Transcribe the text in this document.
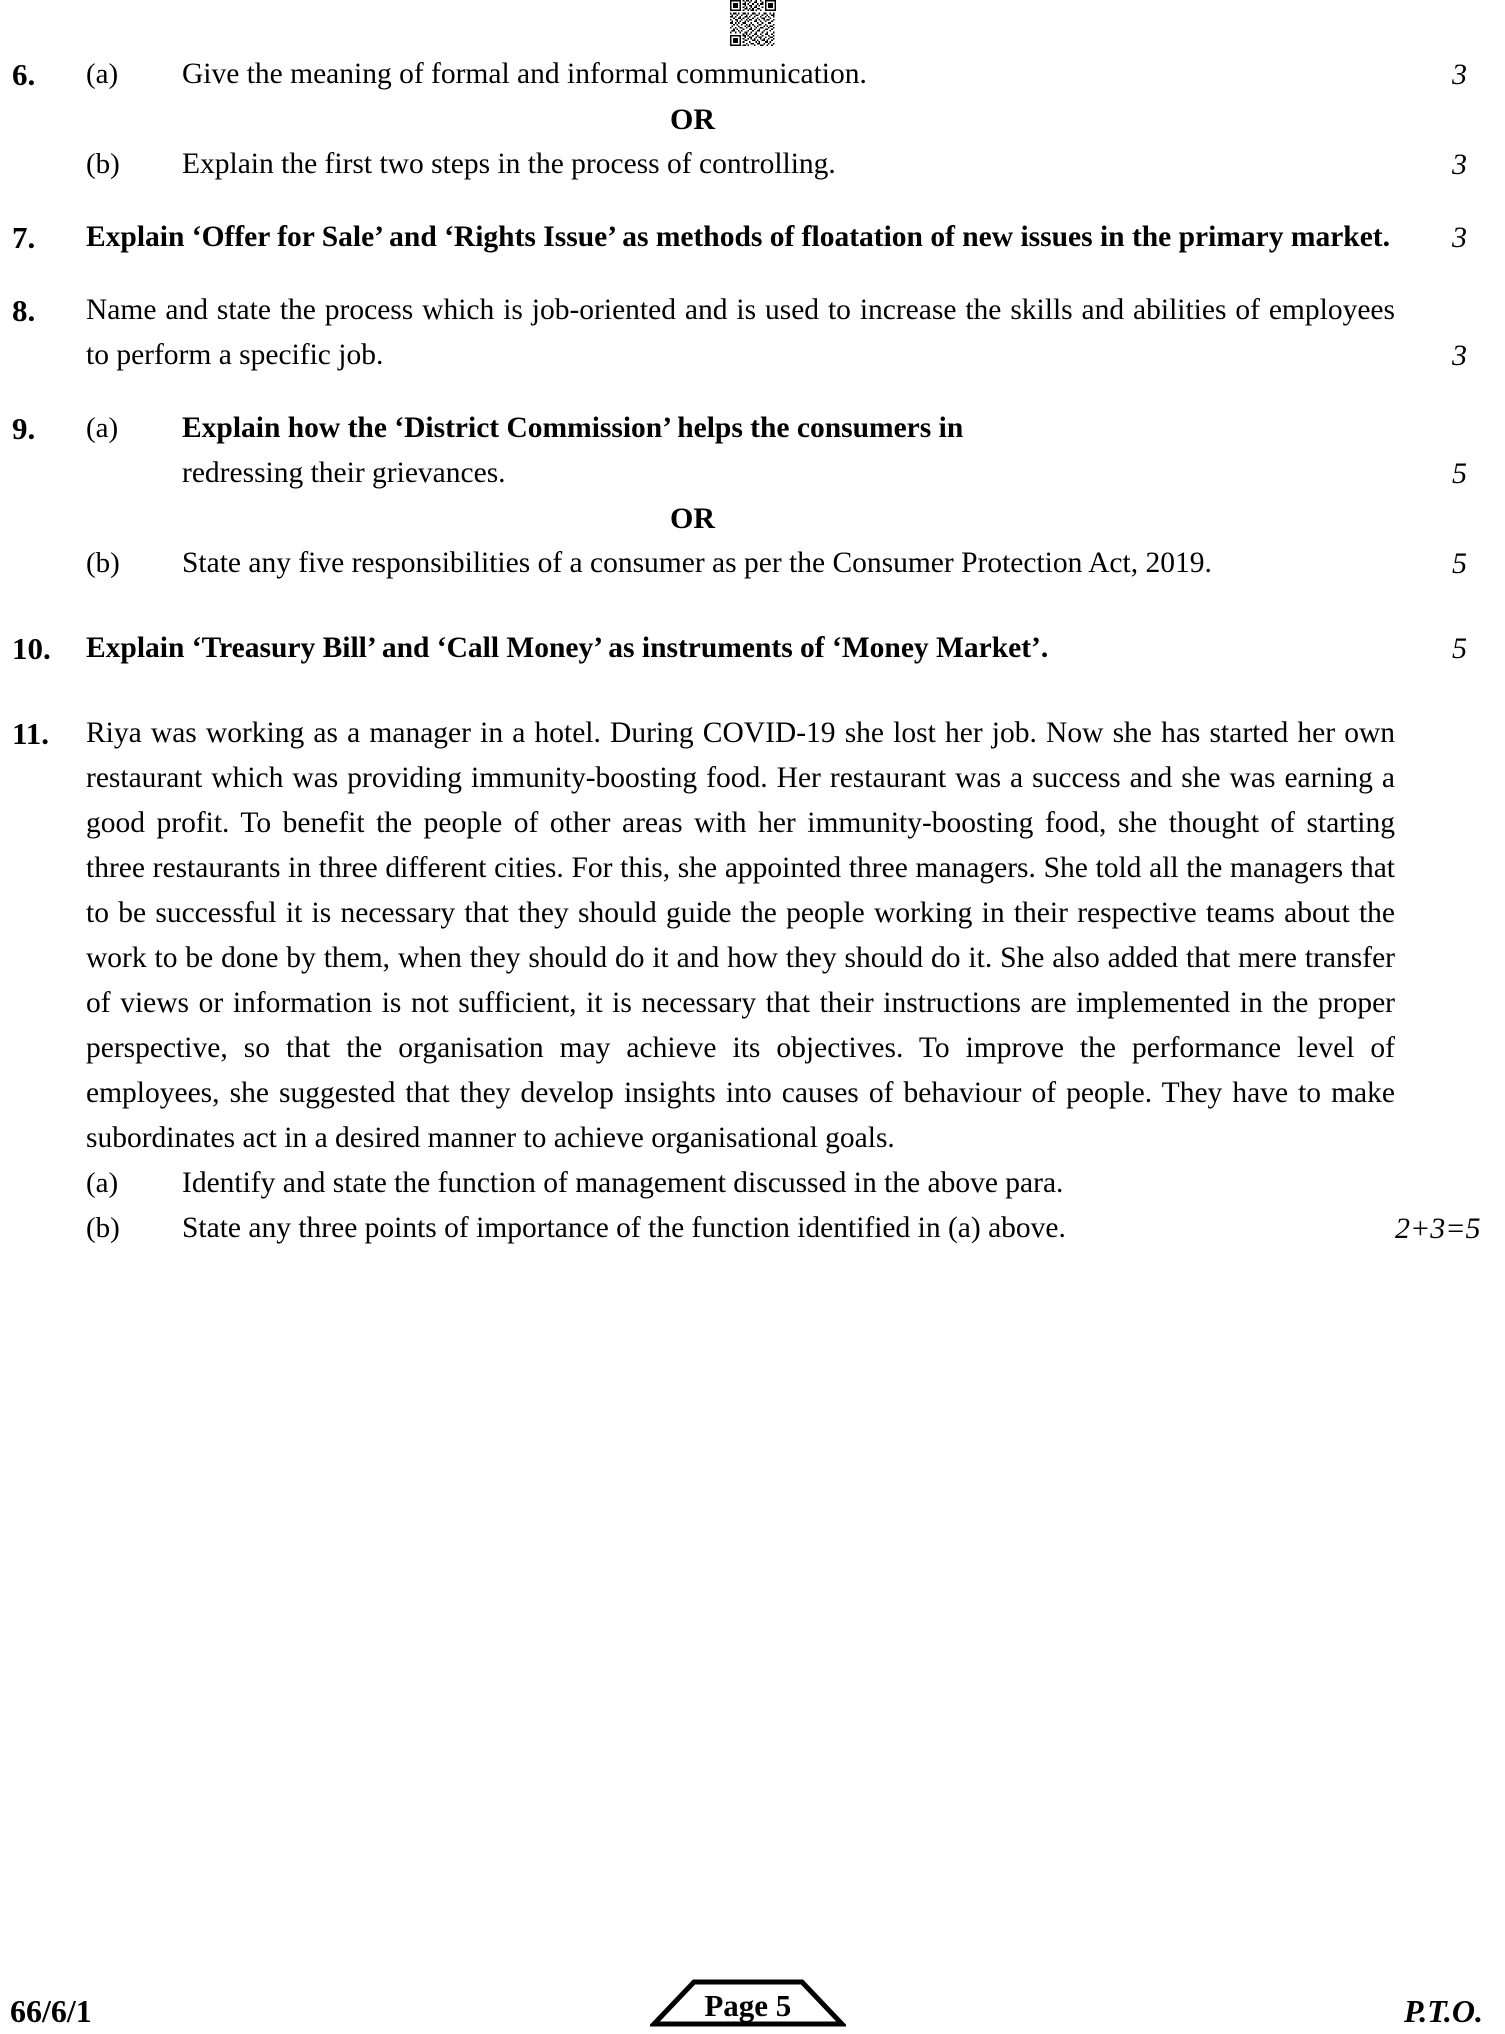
6.	(a)	Give the meaning of formal and informal communication.	3
OR
(b)	Explain the first two steps in the process of controlling.	3
7.	Explain ‘Offer for Sale’ and ‘Rights Issue’ as methods of floatation of new issues in the primary market.	3
8.	Name and state the process which is job-oriented and is used to increase the skills and abilities of employees to perform a specific job.	3
9.	(a)	Explain how the ‘District Commission’ helps the consumers in

redressing their grievances.	5
OR
(b)	State any five responsibilities of a consumer as per the Consumer Protection Act, 2019.	5
10.	Explain ‘Treasury Bill’ and ‘Call Money’ as instruments of ‘Money Market’.	5
11.	Riya was working as a manager in a hotel. During COVID-19 she lost her job. Now she has started her own restaurant which was providing immunity-boosting food. Her restaurant was a success and she was earning a good profit. To benefit the people of other areas with her immunity-boosting food, she thought of starting three restaurants in three different cities. For this, she appointed three managers. She told all the managers that to be successful it is necessary that they should guide the people working in their respective teams about the work to be done by them, when they should do it and how they should do it. She also added that mere transfer of views or information is not sufficient, it is necessary that their instructions are implemented in the proper perspective, so that the organisation may achieve its objectives. To improve the performance level of employees, she suggested that they develop insights into causes of behaviour of people. They have to make subordinates act in a desired manner to achieve organisational goals.

(a)	Identify and state the function of management discussed in the above para.

(b)	State any three points of importance of the function identified in (a) above.	2+3=5
66/6/1	Page 5	P.T.O.
